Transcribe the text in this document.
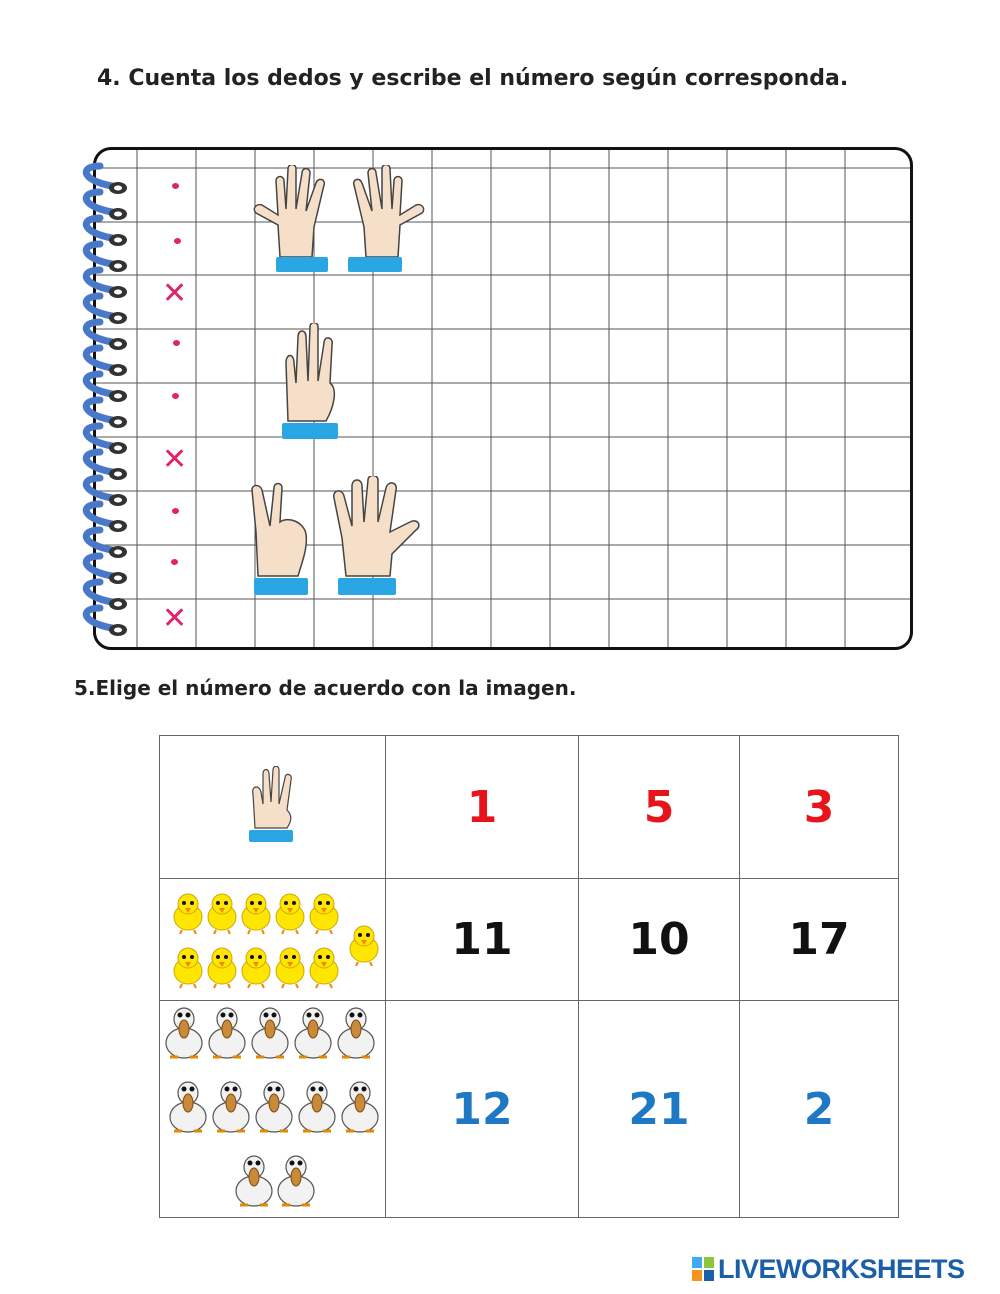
4. Cuenta los dedos y escribe el número según corresponda.
✕
✕
✕
5.Elige el número de acuerdo con la imagen.
	1	5	3
	11	10	17
	12	21	2
LIVEWORKSHEETS
